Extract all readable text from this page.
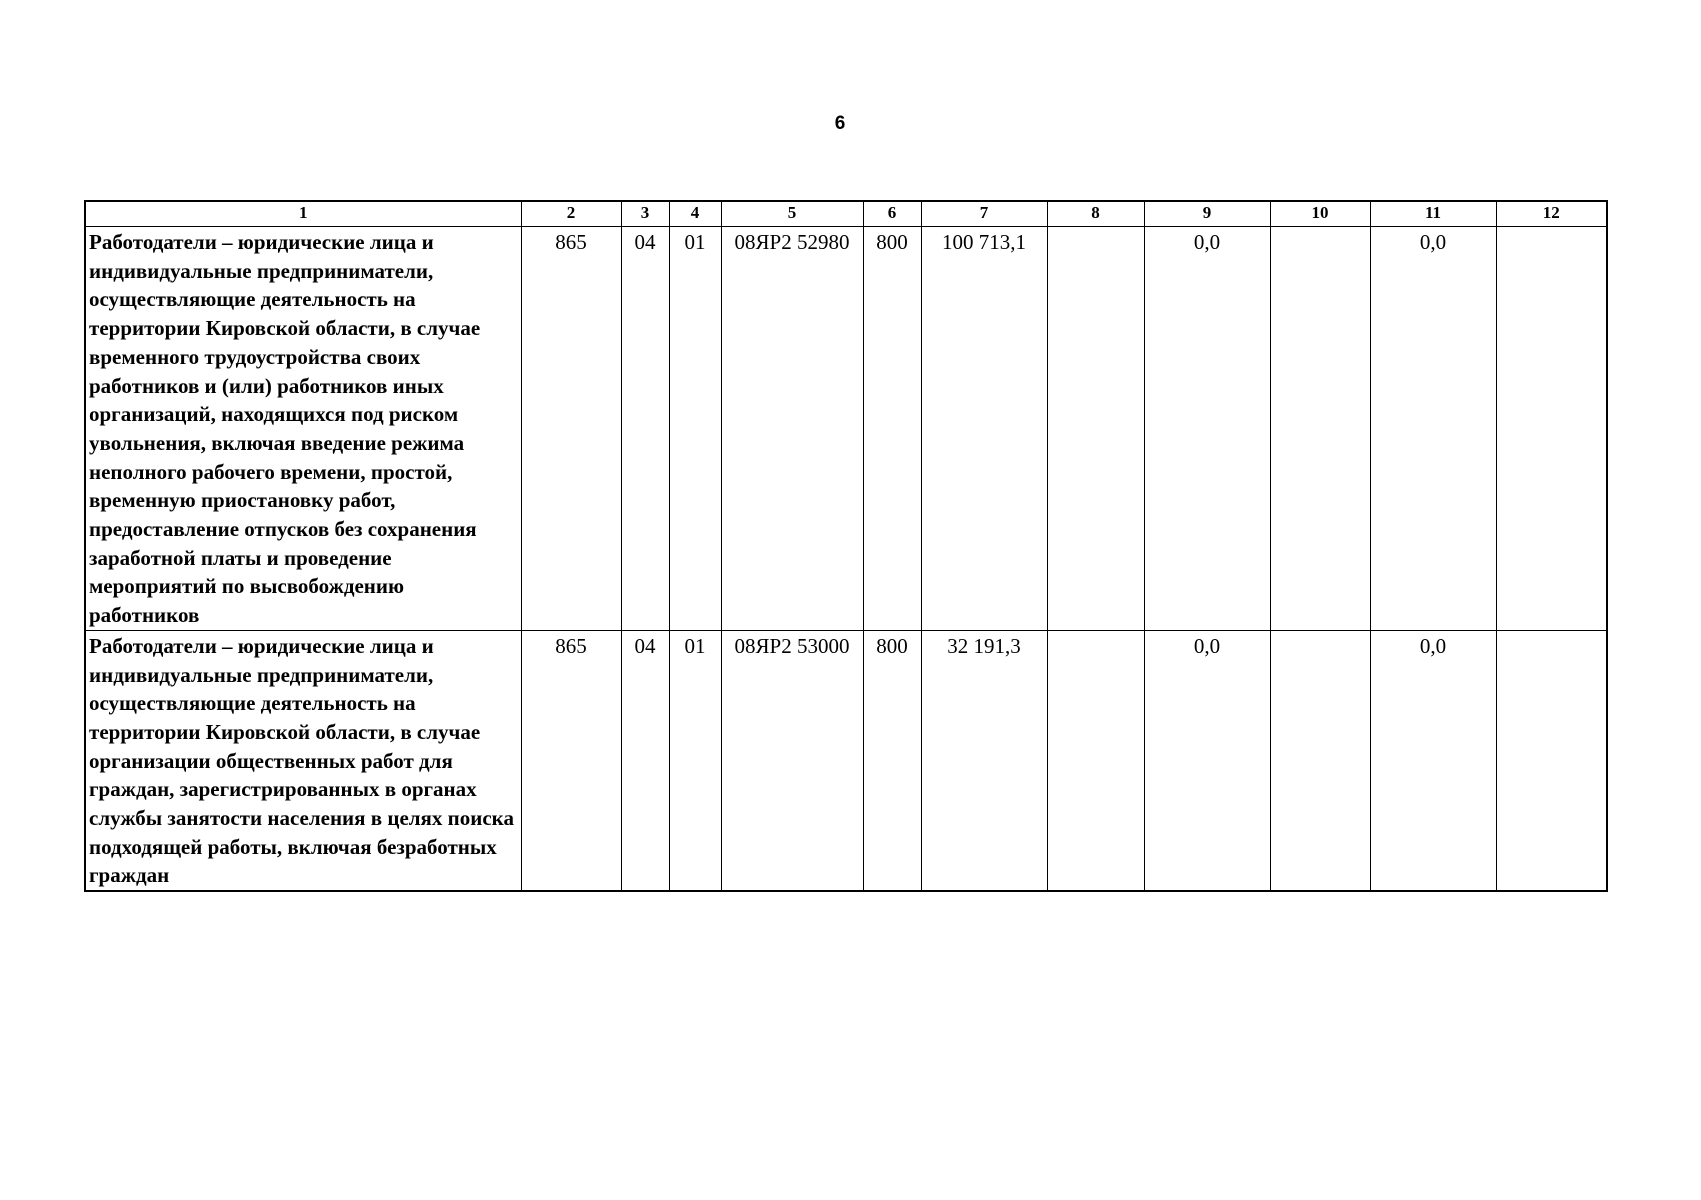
6
1	2	3	4	5	6	7	8	9	10	11	12
Работодатели – юридические лица и индивидуальные предприниматели, осуществляющие деятельность на территории Кировской области, в случае временного трудоустройства своих работников и (или) работников иных организаций, находящихся под риском увольнения, включая введение режима неполного рабочего времени, простой, временную приостановку работ, предоставление отпусков без сохранения заработной платы и проведение мероприятий по высвобождению работников	865	04	01	08ЯР2 52980	800	100 713,1		0,0		0,0	
Работодатели – юридические лица и индивидуальные предприниматели, осуществляющие деятельность на территории Кировской области, в случае организации общественных работ для граждан, зарегистрированных в органах службы занятости населения в целях поиска подходящей работы, включая безработных граждан	865	04	01	08ЯР2 53000	800	32 191,3		0,0		0,0	
